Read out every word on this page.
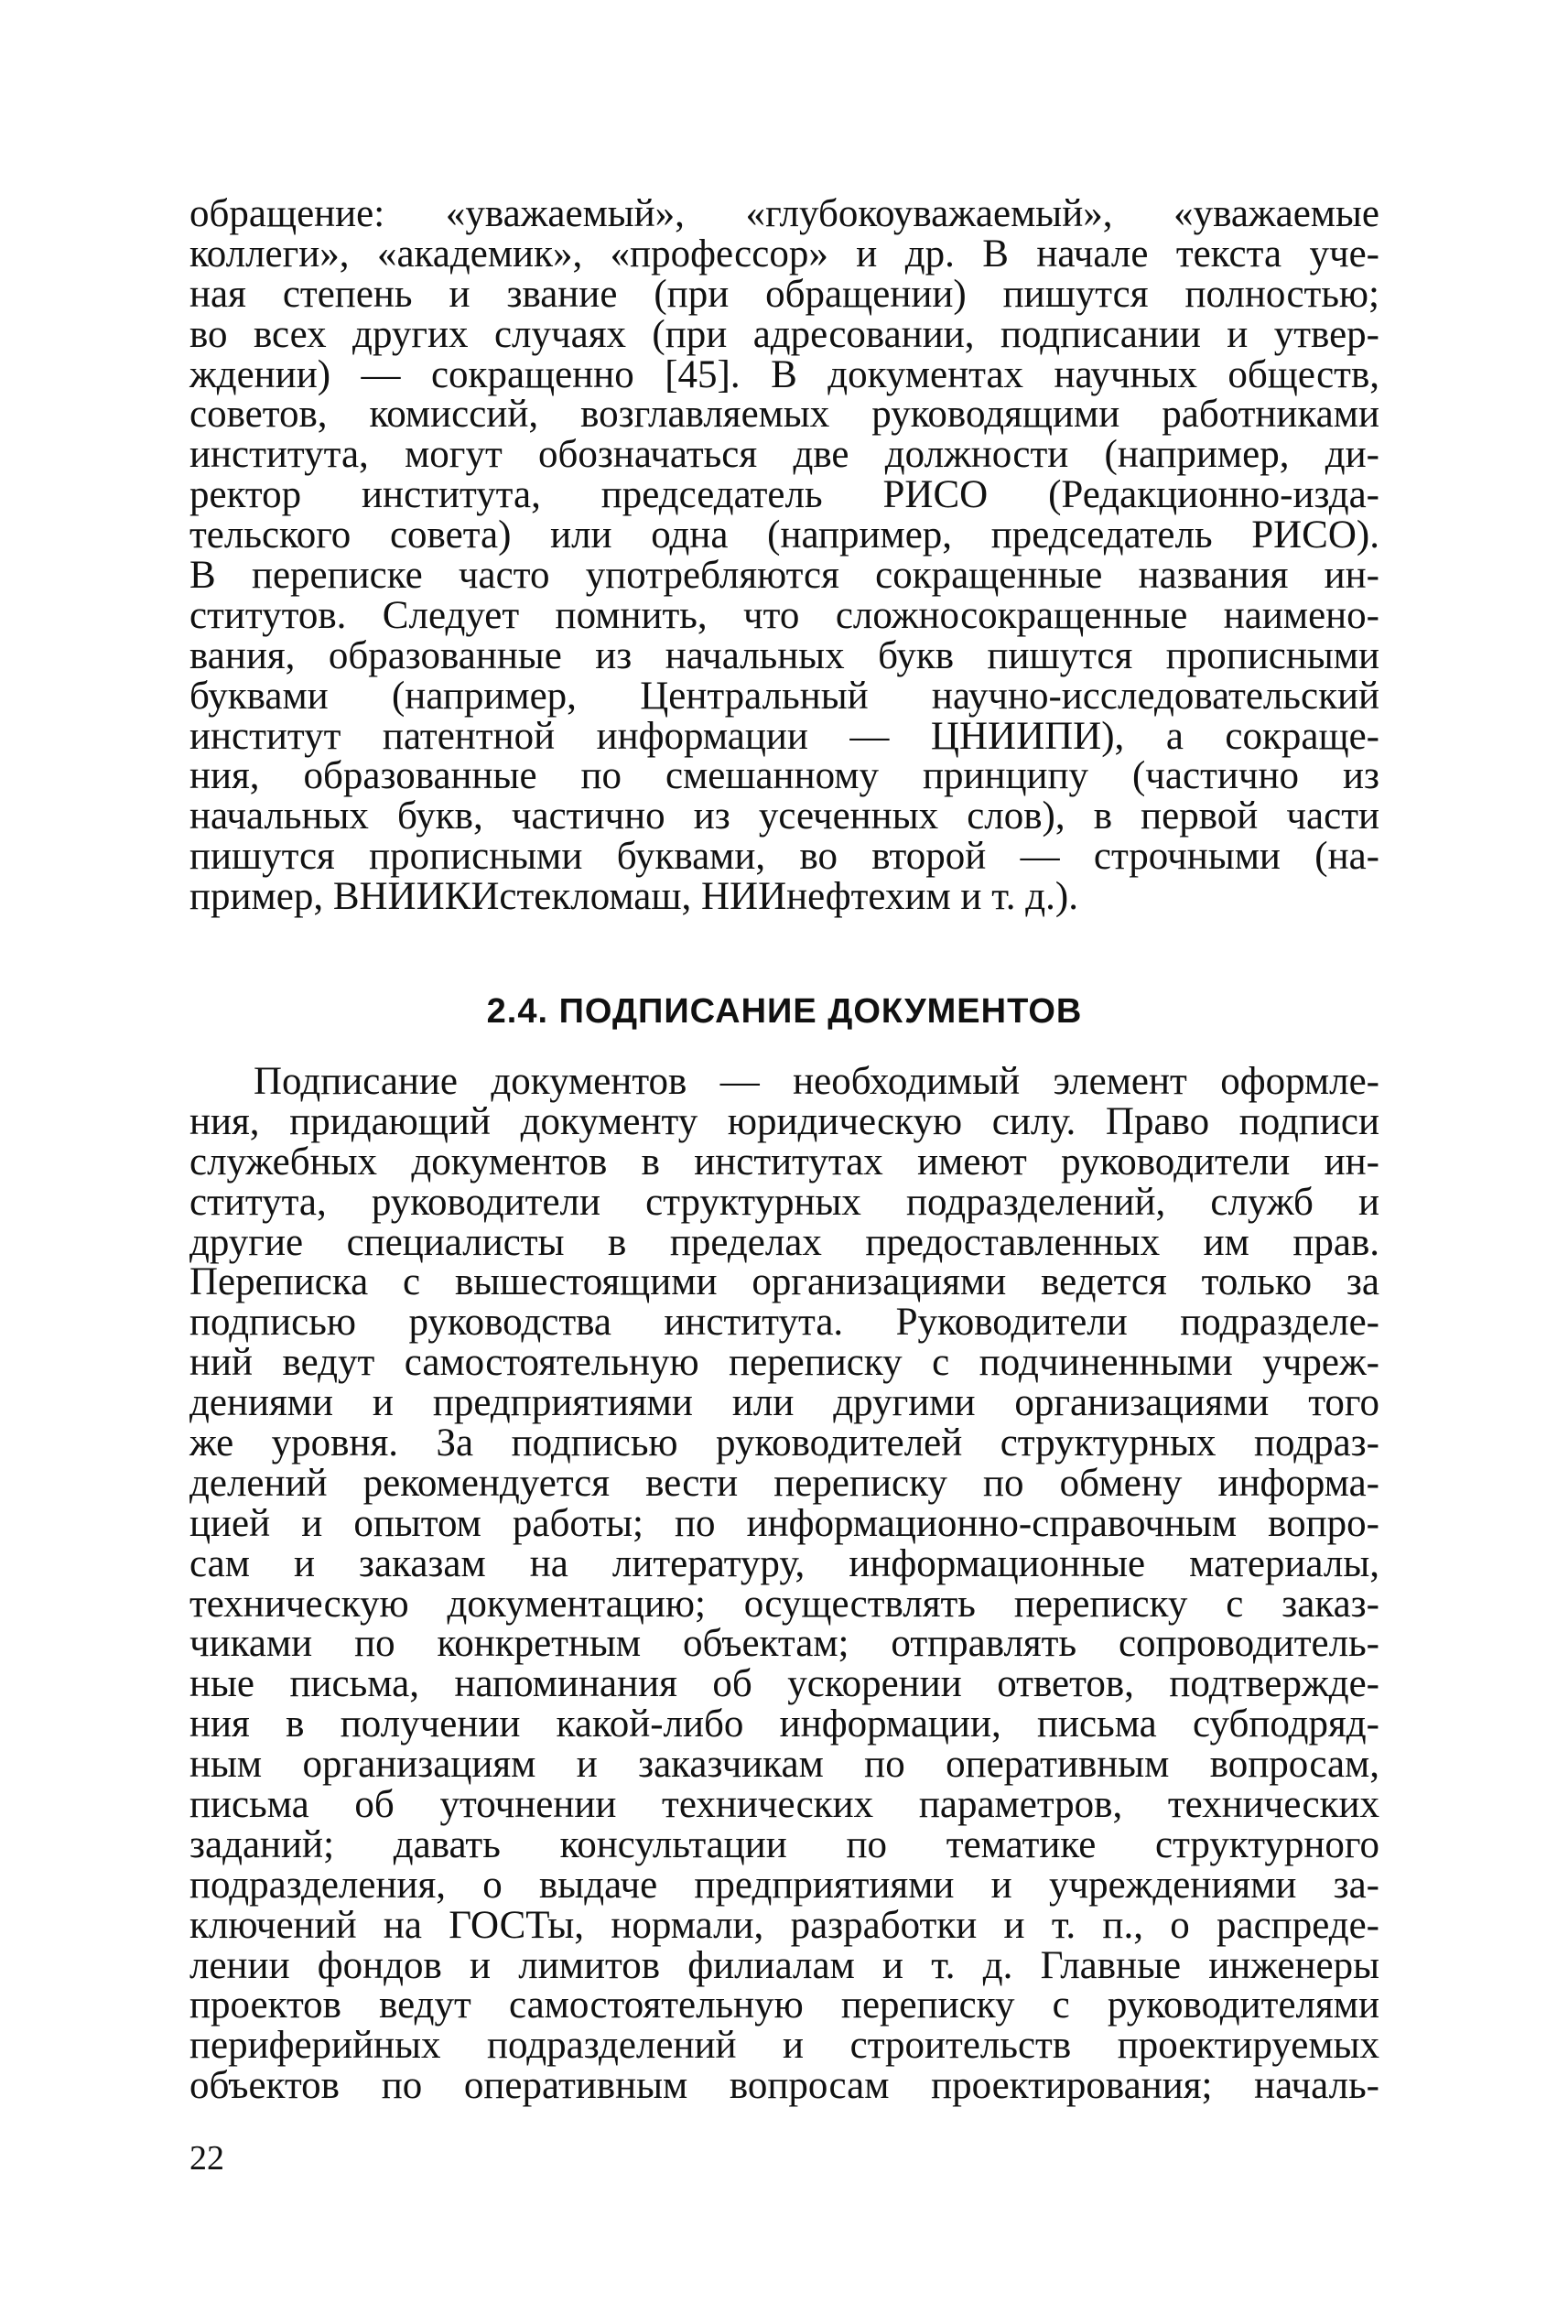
обращение: «уважаемый», «глубокоуважаемый», «уважаемые
коллеги», «академик», «профессор» и др. В начале текста уче-
ная степень и звание (при обращении) пишутся полностью;
во всех других случаях (при адресовании, подписании и утвер-
ждении) — сокращенно [45]. В документах научных обществ,
советов, комиссий, возглавляемых руководящими работниками
института, могут обозначаться две должности (например, ди-
ректор института, председатель РИСО (Редакционно-изда-
тельского совета) или одна (например, председатель РИСО).
В переписке часто употребляются сокращенные названия ин-
ститутов. Следует помнить, что сложносокращенные наимено-
вания, образованные из начальных букв пишутся прописными
буквами (например, Центральный научно-исследовательский
институт патентной информации — ЦНИИПИ), а сокраще-
ния, образованные по смешанному принципу (частично из
начальных букв, частично из усеченных слов), в первой части
пишутся прописными буквами, во второй — строчными (на-
пример, ВНИИКИстекломаш, НИИнефтехим и т. д.).
2.4. ПОДПИСАНИЕ ДОКУМЕНТОВ
Подписание документов — необходимый элемент оформле-
ния, придающий документу юридическую силу. Право подписи
служебных документов в институтах имеют руководители ин-
ститута, руководители структурных подразделений, служб и
другие специалисты в пределах предоставленных им прав.
Переписка с вышестоящими организациями ведется только за
подписью руководства института. Руководители подразделе-
ний ведут самостоятельную переписку с подчиненными учреж-
дениями и предприятиями или другими организациями того
же уровня. За подписью руководителей структурных подраз-
делений рекомендуется вести переписку по обмену информа-
цией и опытом работы; по информационно-справочным вопро-
сам и заказам на литературу, информационные материалы,
техническую документацию; осуществлять переписку с заказ-
чиками по конкретным объектам; отправлять сопроводитель-
ные письма, напоминания об ускорении ответов, подтвержде-
ния в получении какой-либо информации, письма субподряд-
ным организациям и заказчикам по оперативным вопросам,
письма об уточнении технических параметров, технических
заданий; давать консультации по тематике структурного
подразделения, о выдаче предприятиями и учреждениями за-
ключений на ГОСТы, нормали, разработки и т. п., о распреде-
лении фондов и лимитов филиалам и т. д. Главные инженеры
проектов ведут самостоятельную переписку с руководителями
периферийных подразделений и строительств проектируемых
объектов по оперативным вопросам проектирования; началь-
22
